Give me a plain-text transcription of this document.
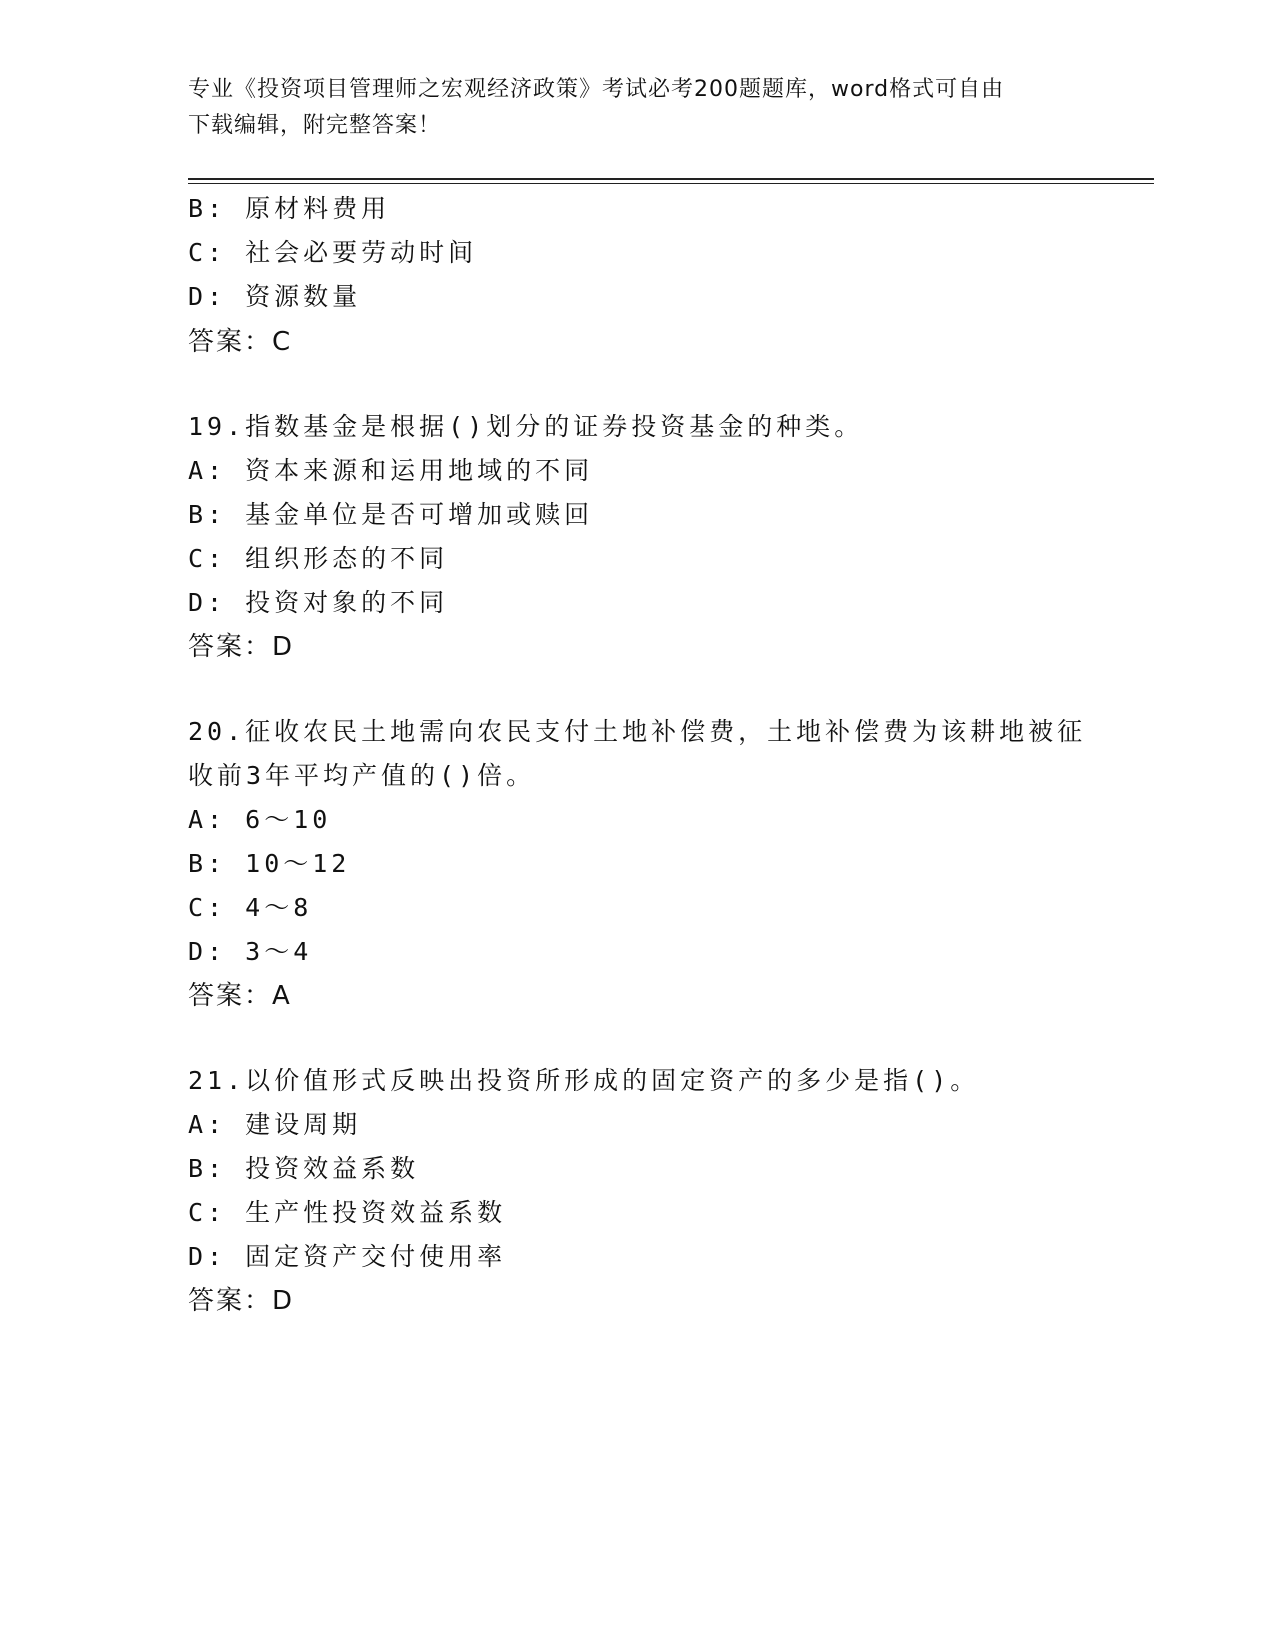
专业《投资项目管理师之宏观经济政策》考试必考200题题库，word格式可自由
下载编辑，附完整答案！
B: 原材料费用
C: 社会必要劳动时间
D: 资源数量
答案：C
19.指数基金是根据()划分的证券投资基金的种类。
A: 资本来源和运用地域的不同
B: 基金单位是否可增加或赎回
C: 组织形态的不同
D: 投资对象的不同
答案：D
20.征收农民土地需向农民支付土地补偿费，土地补偿费为该耕地被征
收前3年平均产值的()倍。
A: 6～10
B: 10～12
C: 4～8
D: 3～4
答案：A
21.以价值形式反映出投资所形成的固定资产的多少是指()。
A: 建设周期
B: 投资效益系数
C: 生产性投资效益系数
D: 固定资产交付使用率
答案：D
